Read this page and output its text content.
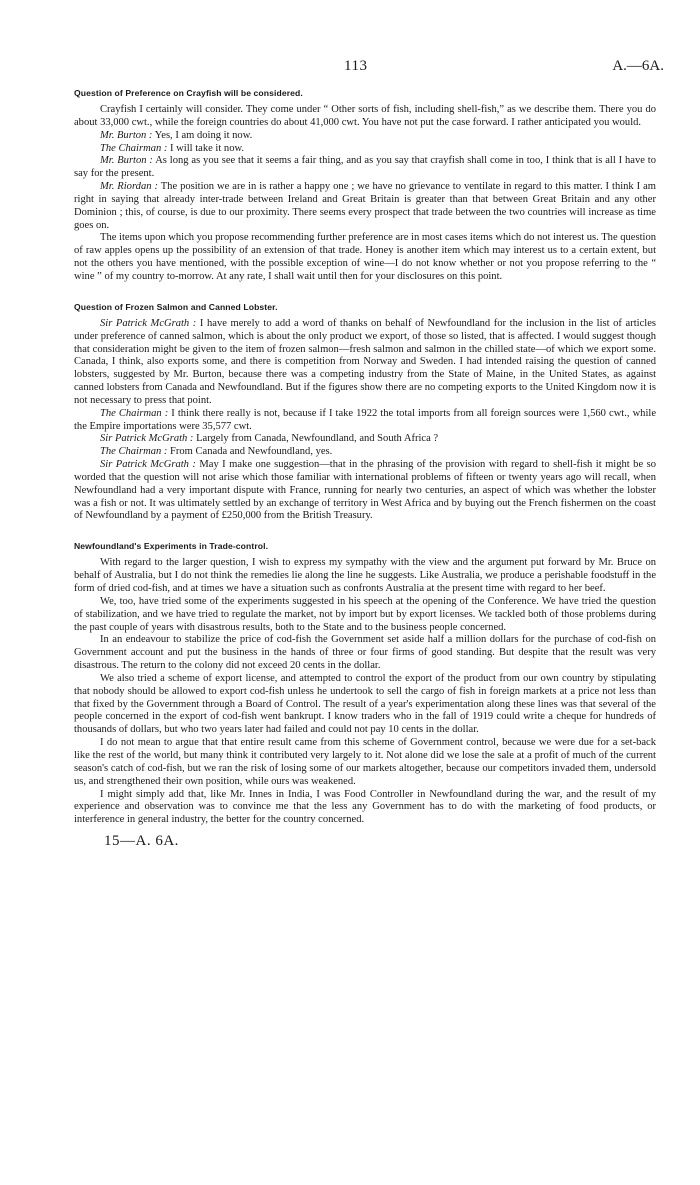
113	A.—6A.
Question of Preference on Crayfish will be considered.

Crayfish I certainly will consider. They come under “ Other sorts of fish, including shell-fish,” as we describe them. There you do about 33,000 cwt., while the foreign countries do about 41,000 cwt. You have not put the case forward. I rather anticipated you would.

Mr. Burton : Yes, I am doing it now.

The Chairman : I will take it now.

Mr. Burton : As long as you see that it seems a fair thing, and as you say that crayfish shall come in too, I think that is all I have to say for the present.

Mr. Riordan : The position we are in is rather a happy one ; we have no grievance to ventilate in regard to this matter. I think I am right in saying that already inter-trade between Ireland and Great Britain is greater than that between Great Britain and any other Dominion ; this, of course, is due to our proximity. There seems every prospect that trade between the two countries will increase as time goes on.

The items upon which you propose recommending further preference are in most cases items which do not interest us. The question of raw apples opens up the possibility of an extension of that trade. Honey is another item which may interest us to a certain extent, but not the others you have mentioned, with the possible exception of wine—I do not know whether or not you propose referring to the “ wine ” of my country to-morrow. At any rate, I shall wait until then for your disclosures on this point.

Question of Frozen Salmon and Canned Lobster.

Sir Patrick McGrath : I have merely to add a word of thanks on behalf of Newfoundland for the inclusion in the list of articles under preference of canned salmon, which is about the only product we export, of those so listed, that is affected. I would suggest though that consideration might be given to the item of frozen salmon—fresh salmon and salmon in the chilled state—of which we export some. Canada, I think, also exports some, and there is competition from Norway and Sweden. I had intended raising the question of canned lobsters, suggested by Mr. Burton, because there was a competing industry from the State of Maine, in the United States, as against canned lobsters from Canada and Newfoundland. But if the figures show there are no competing exports to the United Kingdom now it is not necessary to press that point.

The Chairman : I think there really is not, because if I take 1922 the total imports from all foreign sources were 1,560 cwt., while the Empire importations were 35,577 cwt.

Sir Patrick McGrath : Largely from Canada, Newfoundland, and South Africa ?

The Chairman : From Canada and Newfoundland, yes.

Sir Patrick McGrath : May I make one suggestion—that in the phrasing of the provision with regard to shell-fish it might be so worded that the question will not arise which those familiar with international problems of fifteen or twenty years ago will recall, when Newfoundland had a very important dispute with France, running for nearly two centuries, an aspect of which was whether the lobster was a fish or not. It was ultimately settled by an exchange of territory in West Africa and by buying out the French fishermen on the coast of Newfoundland by a payment of £250,000 from the British Treasury.

Newfoundland's Experiments in Trade-control.

With regard to the larger question, I wish to express my sympathy with the view and the argument put forward by Mr. Bruce on behalf of Australia, but I do not think the remedies lie along the line he suggests. Like Australia, we produce a perishable foodstuff in the form of dried cod-fish, and at times we have a situation such as confronts Australia at the present time with regard to her beef.

We, too, have tried some of the experiments suggested in his speech at the opening of the Conference. We have tried the question of stabilization, and we have tried to regulate the market, not by import but by export licenses. We tackled both of those problems during the past couple of years with disastrous results, both to the State and to the business people concerned.

In an endeavour to stabilize the price of cod-fish the Government set aside half a million dollars for the purchase of cod-fish on Government account and put the business in the hands of three or four firms of good standing. But despite that the result was very disastrous. The return to the colony did not exceed 20 cents in the dollar.

We also tried a scheme of export license, and attempted to control the export of the product from our own country by stipulating that nobody should be allowed to export cod-fish unless he undertook to sell the cargo of fish in foreign markets at a price not less than that fixed by the Government through a Board of Control. The result of a year's experimentation along these lines was that several of the people concerned in the export of cod-fish went bankrupt. I know traders who in the fall of 1919 could write a cheque for hundreds of thousands of dollars, but who two years later had failed and could not pay 10 cents in the dollar.

I do not mean to argue that that entire result came from this scheme of Government control, because we were due for a set-back like the rest of the world, but many think it contributed very largely to it. Not alone did we lose the sale at a profit of much of the current season's catch of cod-fish, but we ran the risk of losing some of our markets altogether, because our competitors invaded them, undersold us, and strengthened their own position, while ours was weakened.

I might simply add that, like Mr. Innes in India, I was Food Controller in Newfoundland during the war, and the result of my experience and observation was to convince me that the less any Government has to do with the marketing of food products, or interference in general industry, the better for the country concerned.

15—A. 6A.
